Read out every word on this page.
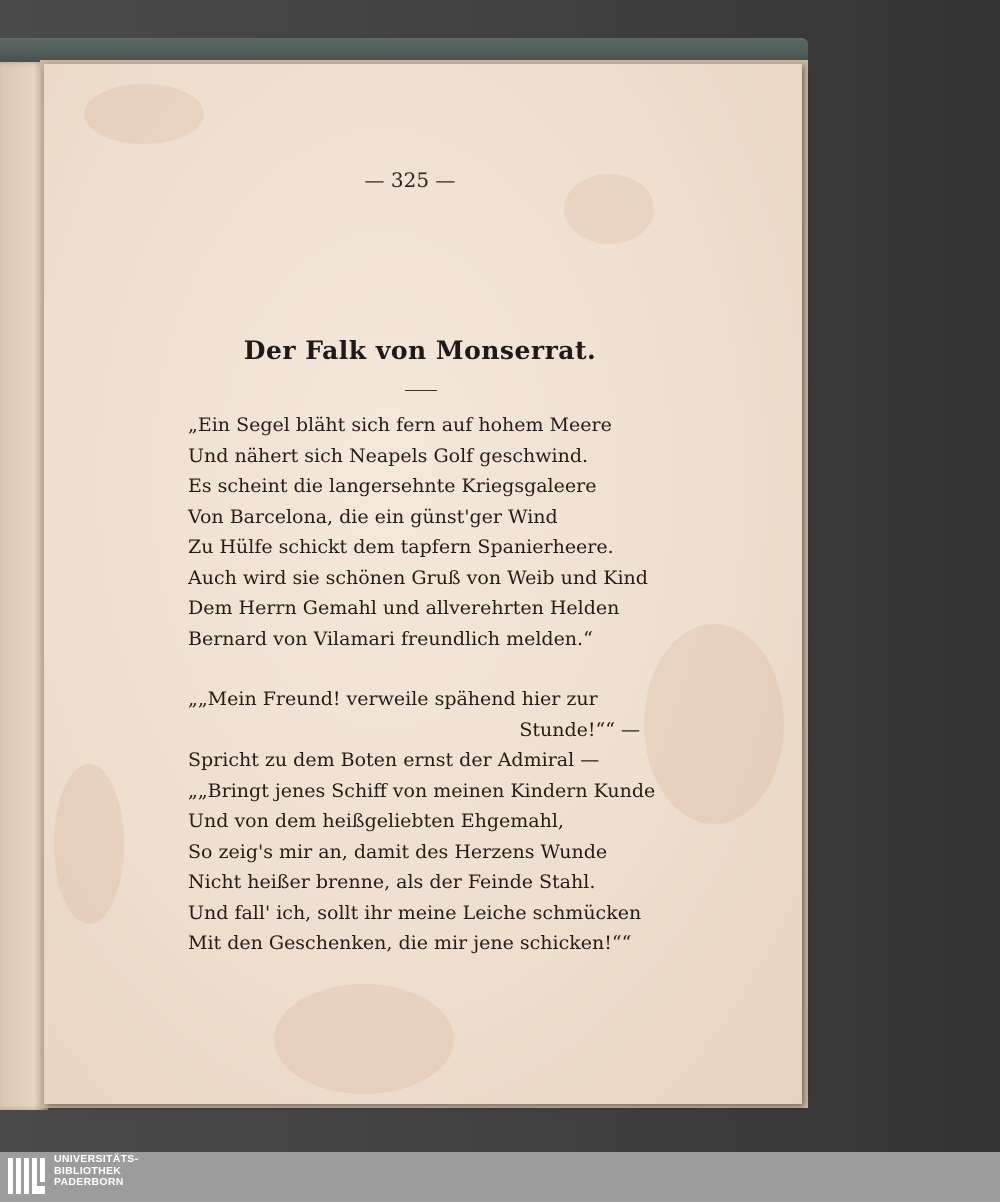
— 325 —
Der Falk von Monserrat.
„Ein Segel bläht sich fern auf hohem Meere
Und nähert sich Neapels Golf geschwind.
Es scheint die langersehnte Kriegsgaleere
Von Barcelona, die ein günst'ger Wind
Zu Hülfe schickt dem tapfern Spanierheere.
Auch wird sie schönen Gruß von Weib und Kind
Dem Herrn Gemahl und allverehrten Helden
Bernard von Vilamari freundlich melden.“
„„Mein Freund! verweile spähend hier zur
Stunde!““ —
Spricht zu dem Boten ernst der Admiral —
„„Bringt jenes Schiff von meinen Kindern Kunde
Und von dem heißgeliebten Ehgemahl,
So zeig's mir an, damit des Herzens Wunde
Nicht heißer brenne, als der Feinde Stahl.
Und fall' ich, sollt ihr meine Leiche schmücken
Mit den Geschenken, die mir jene schicken!““
UNIVERSITÄTS-
BIBLIOTHEK
PADERBORN
